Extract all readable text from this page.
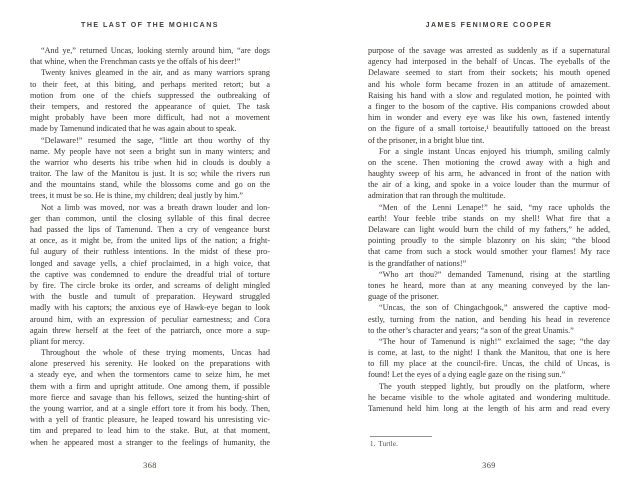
THE LAST OF THE MOHICANS
“And ye,” returned Uncas, looking sternly around him, “are dogs
that whine, when the Frenchman casts ye the offals of his deer!”
Twenty knives gleamed in the air, and as many warriors sprang
to their feet, at this biting, and perhaps merited retort; but a
motion from one of the chiefs suppressed the outbreaking of
their tempers, and restored the appearance of quiet. The task
might probably have been more difficult, had not a movement
made by Tamenund indicated that he was again about to speak.
“Delaware!” resumed the sage, “little art thou worthy of thy
name. My people have not seen a bright sun in many winters; and
the warrior who deserts his tribe when hid in clouds is doubly a
traitor. The law of the Manitou is just. It is so; while the rivers run
and the mountains stand, while the blossoms come and go on the
trees, it must be so. He is thine, my children; deal justly by him.”
Not a limb was moved, nor was a breath drawn louder and lon-
ger than common, until the closing syllable of this final decree
had passed the lips of Tamenund. Then a cry of vengeance burst
at once, as it might be, from the united lips of the nation; a fright-
ful augury of their ruthless intentions. In the midst of these pro-
longed and savage yells, a chief proclaimed, in a high voice, that
the captive was condemned to endure the dreadful trial of torture
by fire. The circle broke its order, and screams of delight mingled
with the bustle and tumult of preparation. Heyward struggled
madly with his captors; the anxious eye of Hawk-eye began to look
around him, with an expression of peculiar earnestness; and Cora
again threw herself at the feet of the patriarch, once more a sup-
pliant for mercy.
Throughout the whole of these trying moments, Uncas had
alone preserved his serenity. He looked on the preparations with
a steady eye, and when the tormentors came to seize him, he met
them with a firm and upright attitude. One among them, if possible
more fierce and savage than his fellows, seized the hunting-shirt of
the young warrior, and at a single effort tore it from his body. Then,
with a yell of frantic pleasure, he leaped toward his unresisting vic-
tim and prepared to lead him to the stake. But, at that moment,
when he appeared most a stranger to the feelings of humanity, the
368
JAMES FENIMORE COOPER
purpose of the savage was arrested as suddenly as if a supernatural
agency had interposed in the behalf of Uncas. The eyeballs of the
Delaware seemed to start from their sockets; his mouth opened
and his whole form became frozen in an attitude of amazement.
Raising his hand with a slow and regulated motion, he pointed with
a finger to the bosom of the captive. His companions crowded about
him in wonder and every eye was like his own, fastened intently
on the figure of a small tortoise,¹ beautifully tattooed on the breast
of the prisoner, in a bright blue tint.
For a single instant Uncas enjoyed his triumph, smiling calmly
on the scene. Then motioning the crowd away with a high and
haughty sweep of his arm, he advanced in front of the nation with
the air of a king, and spoke in a voice louder than the murmur of
admiration that ran through the multitude.
“Men of the Lenni Lenape!” he said, “my race upholds the
earth! Your feeble tribe stands on my shell! What fire that a
Delaware can light would burn the child of my fathers,” he added,
pointing proudly to the simple blazonry on his skin; “the blood
that came from such a stock would smother your flames! My race
is the grandfather of nations!”
“Who art thou?” demanded Tamenund, rising at the startling
tones he heard, more than at any meaning conveyed by the lan-
guage of the prisoner.
“Uncas, the son of Chingachgook,” answered the captive mod-
estly, turning from the nation, and bending his head in reverence
to the other’s character and years; “a son of the great Unamis.”
“The hour of Tamenund is nigh!” exclaimed the sage; “the day
is come, at last, to the night! I thank the Manitou, that one is here
to fill my place at the council-fire. Uncas, the child of Uncas, is
found! Let the eyes of a dying eagle gaze on the rising sun.”
The youth stepped lightly, but proudly on the platform, where
he became visible to the whole agitated and wondering multitude.
Tamenund held him long at the length of his arm and read every
1. Turtle.
369
